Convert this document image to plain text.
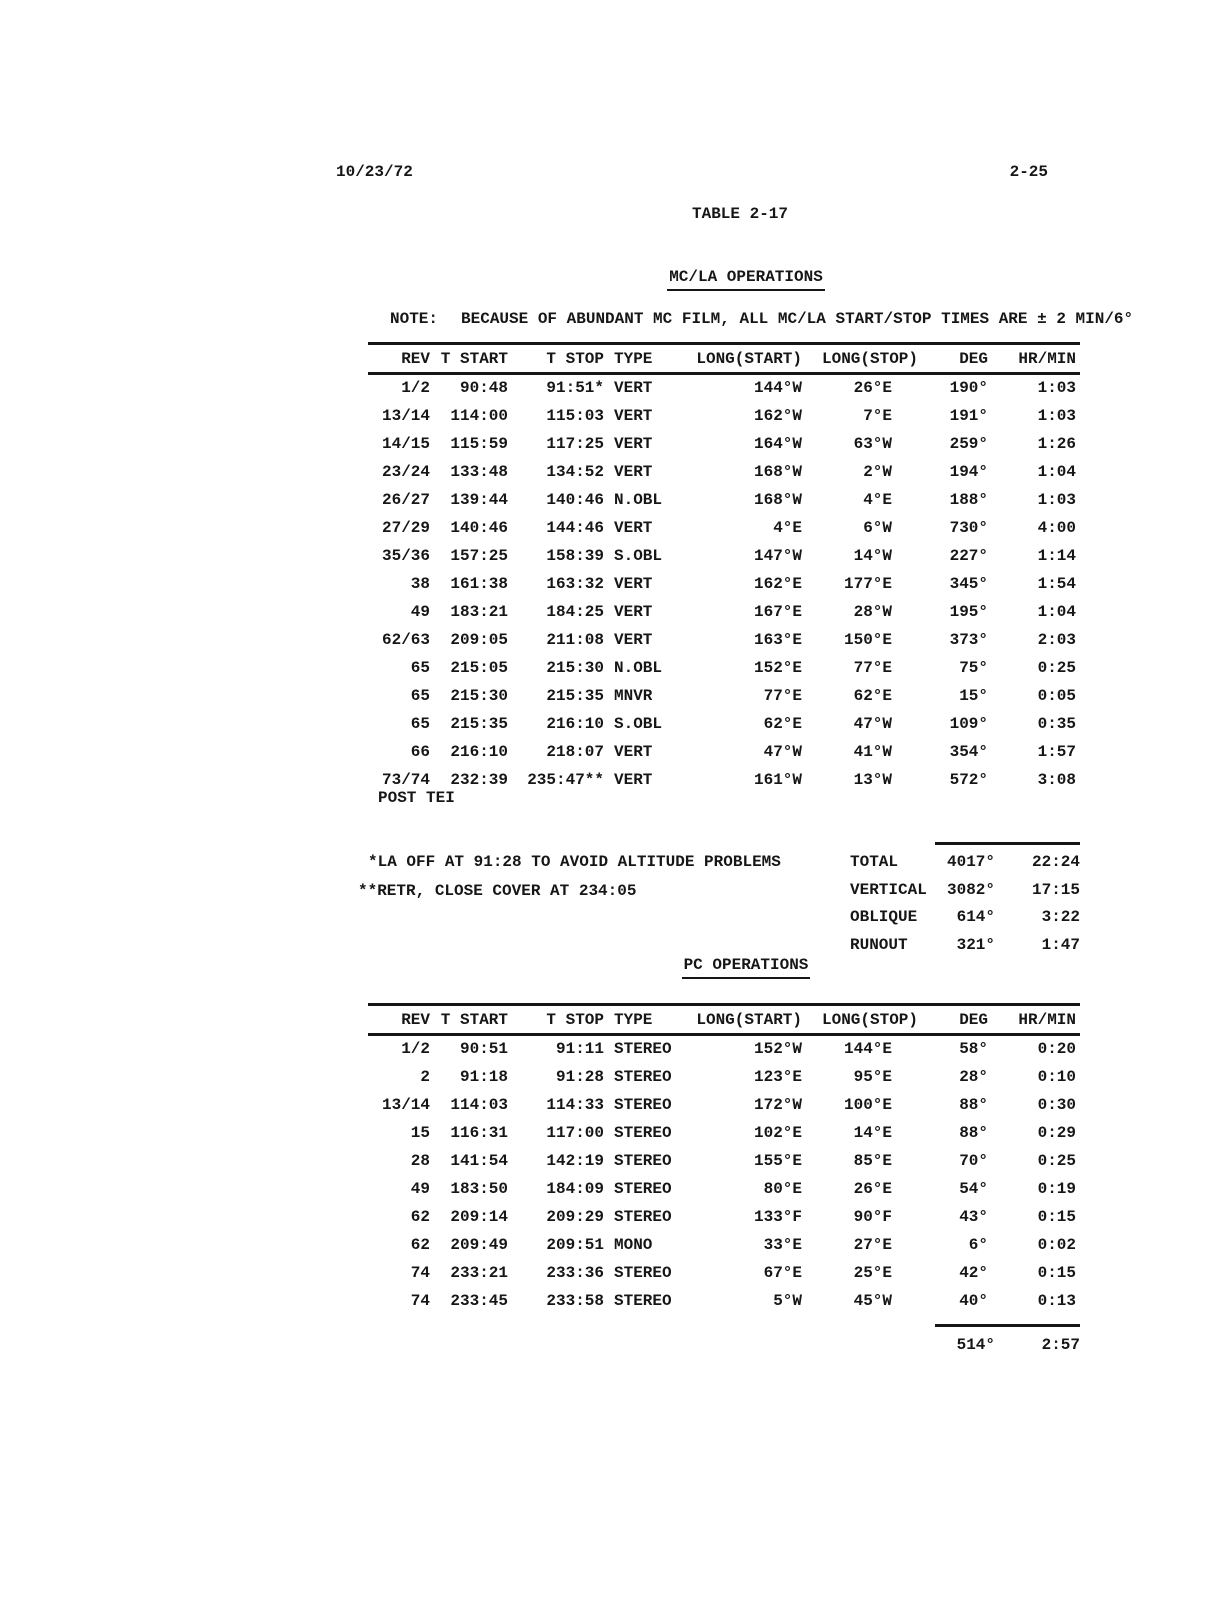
10/23/72	2-25
TABLE 2-17
MC/LA OPERATIONS
NOTE: BECAUSE OF ABUNDANT MC FILM, ALL MC/LA START/STOP TIMES ARE ± 2 MIN/6°
REV	T START	T STOP	TYPE	LONG(START)	LONG(STOP)	DEG	HR/MIN
1/2	90:48	91:51*	VERT	144°W	26°E	190°	1:03
13/14	114:00	115:03	VERT	162°W	7°E	191°	1:03
14/15	115:59	117:25	VERT	164°W	63°W	259°	1:26
23/24	133:48	134:52	VERT	168°W	2°W	194°	1:04
26/27	139:44	140:46	N.OBL	168°W	4°E	188°	1:03
27/29	140:46	144:46	VERT	4°E	6°W	730°	4:00
35/36	157:25	158:39	S.OBL	147°W	14°W	227°	1:14
38	161:38	163:32	VERT	162°E	177°E	345°	1:54
49	183:21	184:25	VERT	167°E	28°W	195°	1:04
62/63	209:05	211:08	VERT	163°E	150°E	373°	2:03
65	215:05	215:30	N.OBL	152°E	77°E	75°	0:25
65	215:30	215:35	MNVR	77°E	62°E	15°	0:05
65	215:35	216:10	S.OBL	62°E	47°W	109°	0:35
66	216:10	218:07	VERT	47°W	41°W	354°	1:57
73/74	232:39	235:47**	VERT	161°W	13°W	572°	3:08
POST TEI
*LA OFF AT 91:28 TO AVOID ALTITUDE PROBLEMS
**RETR, CLOSE COVER AT 234:05
TOTAL	4017°	22:24
VERTICAL	3082°	17:15
OBLIQUE	614°	3:22
RUNOUT	321°	1:47
PC OPERATIONS
REV	T START	T STOP	TYPE	LONG(START)	LONG(STOP)	DEG	HR/MIN
1/2	90:51	91:11	STEREO	152°W	144°E	58°	0:20
2	91:18	91:28	STEREO	123°E	95°E	28°	0:10
13/14	114:03	114:33	STEREO	172°W	100°E	88°	0:30
15	116:31	117:00	STEREO	102°E	14°E	88°	0:29
28	141:54	142:19	STEREO	155°E	85°E	70°	0:25
49	183:50	184:09	STEREO	80°E	26°E	54°	0:19
62	209:14	209:29	STEREO	133°F	90°F	43°	0:15
62	209:49	209:51	MONO	33°E	27°E	6°	0:02
74	233:21	233:36	STEREO	67°E	25°E	42°	0:15
74	233:45	233:58	STEREO	5°W	45°W	40°	0:13
514°	2:57
